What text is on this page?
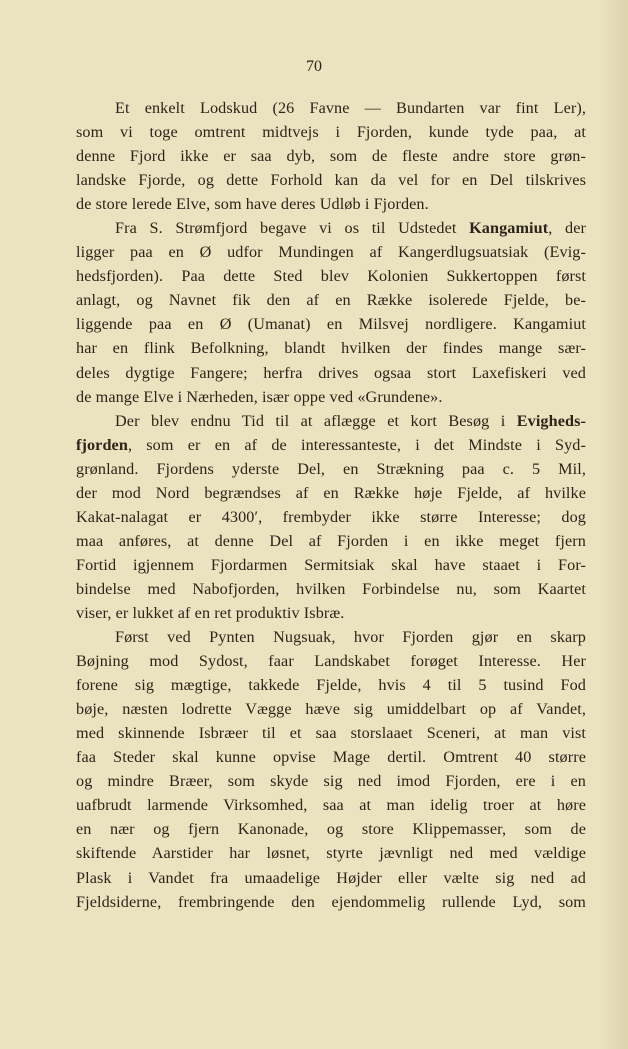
70
Et enkelt Lodskud (26 Favne — Bundarten var fint Ler),
som vi toge omtrent midtvejs i Fjorden, kunde tyde paa, at
denne Fjord ikke er saa dyb, som de fleste andre store grøn-
landske Fjorde, og dette Forhold kan da vel for en Del tilskrives
de store lerede Elve, som have deres Udløb i Fjorden.
Fra S. Strømfjord begave vi os til Udstedet Kangamiut, der
ligger paa en Ø udfor Mundingen af Kangerdlugsuatsiak (Evig-
hedsfjorden). Paa dette Sted blev Kolonien Sukkertoppen først
anlagt, og Navnet fik den af en Række isolerede Fjelde, be-
liggende paa en Ø (Umanat) en Milsvej nordligere. Kangamiut
har en flink Befolkning, blandt hvilken der findes mange sær-
deles dygtige Fangere; herfra drives ogsaa stort Laxefiskeri ved
de mange Elve i Nærheden, især oppe ved «Grundene».
Der blev endnu Tid til at aflægge et kort Besøg i Evigheds-
fjorden, som er en af de interessanteste, i det Mindste i Syd-
grønland. Fjordens yderste Del, en Strækning paa c. 5 Mil,
der mod Nord begrændses af en Række høje Fjelde, af hvilke
Kakat-nalagat er 4300′, frembyder ikke større Interesse; dog
maa anføres, at denne Del af Fjorden i en ikke meget fjern
Fortid igjennem Fjordarmen Sermitsiak skal have staaet i For-
bindelse med Nabofjorden, hvilken Forbindelse nu, som Kaartet
viser, er lukket af en ret produktiv Isbræ.
Først ved Pynten Nugsuak, hvor Fjorden gjør en skarp
Bøjning mod Sydost, faar Landskabet forøget Interesse. Her
forene sig mægtige, takkede Fjelde, hvis 4 til 5 tusind Fod
bøje, næsten lodrette Vægge hæve sig umiddelbart op af Vandet,
med skinnende Isbræer til et saa storslaaet Sceneri, at man vist
faa Steder skal kunne opvise Mage dertil. Omtrent 40 større
og mindre Bræer, som skyde sig ned imod Fjorden, ere i en
uafbrudt larmende Virksomhed, saa at man idelig troer at høre
en nær og fjern Kanonade, og store Klippemasser, som de
skiftende Aarstider har løsnet, styrte jævnligt ned med vældige
Plask i Vandet fra umaadelige Højder eller vælte sig ned ad
Fjeldsiderne, frembringende den ejendommelig rullende Lyd, som
